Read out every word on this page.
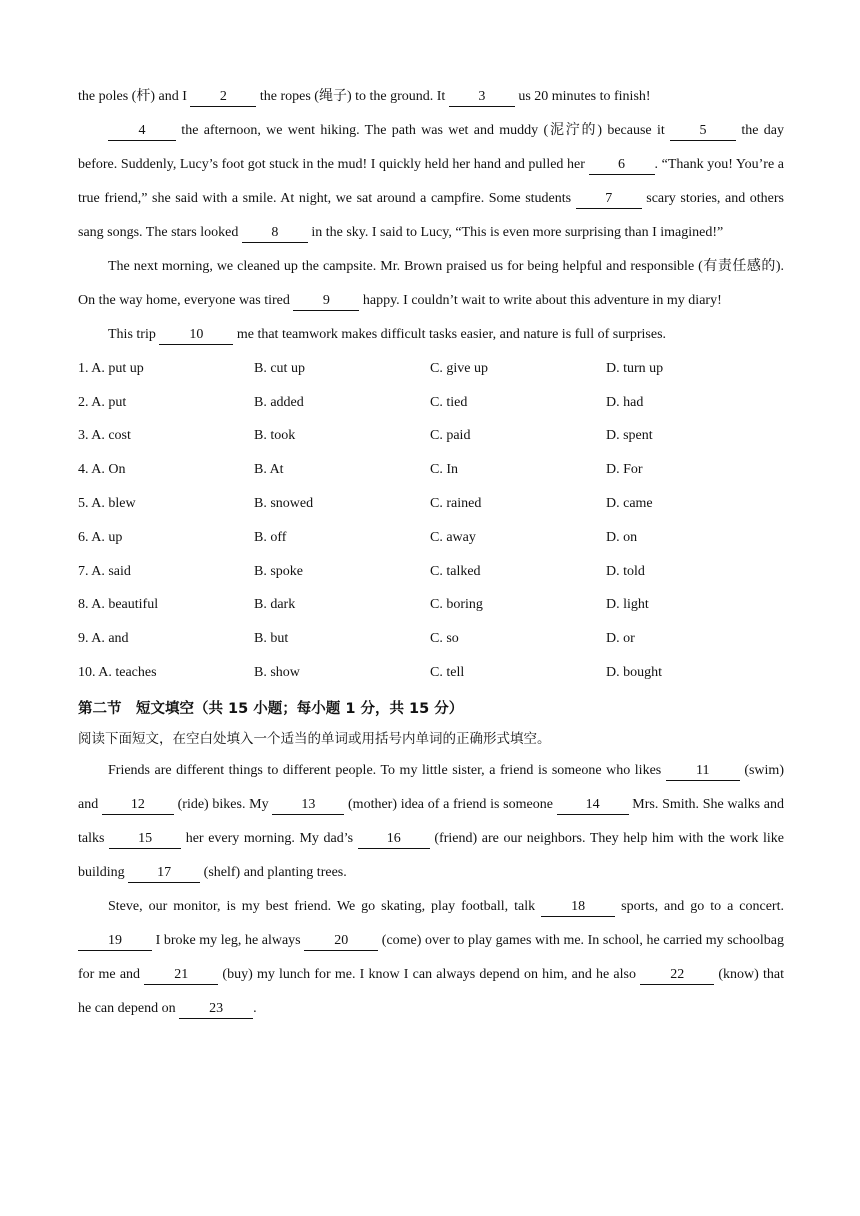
the poles (杆) and I 2 the ropes (绳子) to the ground. It 3 us 20 minutes to finish!

4 the afternoon, we went hiking. The path was wet and muddy (泥泞的) because it 5 the day before. Suddenly, Lucy’s foot got stuck in the mud! I quickly held her hand and pulled her 6 . “Thank you! You’re a true friend,” she said with a smile. At night, we sat around a campfire. Some students 7 scary stories, and others sang songs. The stars looked 8 in the sky. I said to Lucy, “This is even more surprising than I imagined!”

The next morning, we cleaned up the campsite. Mr. Brown praised us for being helpful and responsible (有责任感的). On the way home, everyone was tired 9 happy. I couldn’t wait to write about this adventure in my diary!

This trip 10 me that teamwork makes difficult tasks easier, and nature is full of surprises.

1. A. put up	B. cut up	C. give up	D. turn up
2. A. put	B. added	C. tied	D. had
3. A. cost	B. took	C. paid	D. spent
4. A. On	B. At	C. In	D. For
5. A. blew	B. snowed	C. rained	D. came
6. A. up	B. off	C. away	D. on
7. A. said	B. spoke	C. talked	D. told
8. A. beautiful	B. dark	C. boring	D. light
9. A. and	B. but	C. so	D. or
10. A. teaches	B. show	C. tell	D. bought

第二节　短文填空（共 15 小题；每小题 1 分，共 15 分）

阅读下面短文，在空白处填入一个适当的单词或用括号内单词的正确形式填空。

Friends are different things to different people. To my little sister, a friend is someone who likes 11 (swim) and 12 (ride) bikes. My 13 (mother) idea of a friend is someone 14 Mrs. Smith. She walks and talks 15 her every morning. My dad’s 16 (friend) are our neighbors. They help him with the work like building 17 (shelf) and planting trees.

Steve, our monitor, is my best friend. We go skating, play football, talk 18 sports, and go to a concert. 19 I broke my leg, he always 20 (come) over to play games with me. In school, he carried my schoolbag for me and 21 (buy) my lunch for me. I know I can always depend on him, and he also 22 (know) that he can depend on 23 .
